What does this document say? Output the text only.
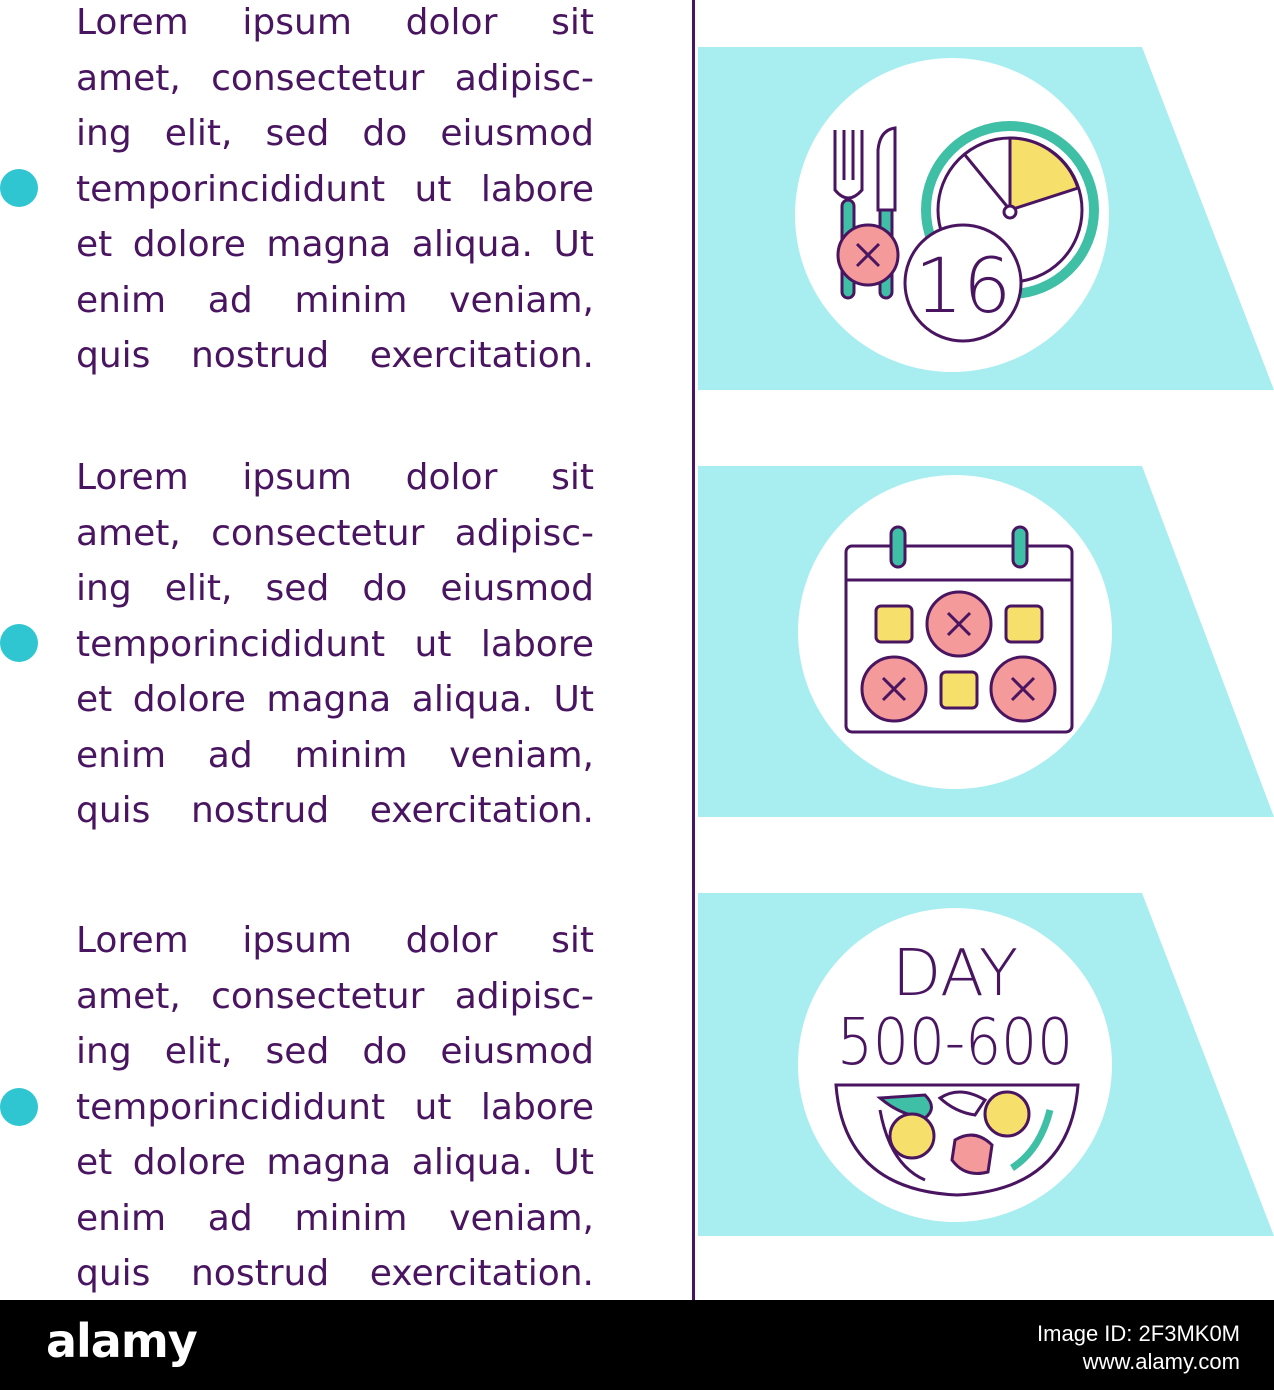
Lorem ipsum dolor sit
amet, consectetur adipisc-
ing elit, sed do eiusmod
temporincididunt ut labore
et dolore magna aliqua. Ut
enim ad minim veniam,
quis nostrud exercitation.
Lorem ipsum dolor sit
amet, consectetur adipisc-
ing elit, sed do eiusmod
temporincididunt ut labore
et dolore magna aliqua. Ut
enim ad minim veniam,
quis nostrud exercitation.
Lorem ipsum dolor sit
amet, consectetur adipisc-
ing elit, sed do eiusmod
temporincididunt ut labore
et dolore magna aliqua. Ut
enim ad minim veniam,
quis nostrud exercitation.
16
DAY
500-600
alamy	Image ID: 2F3MK0M
www.alamy.com
